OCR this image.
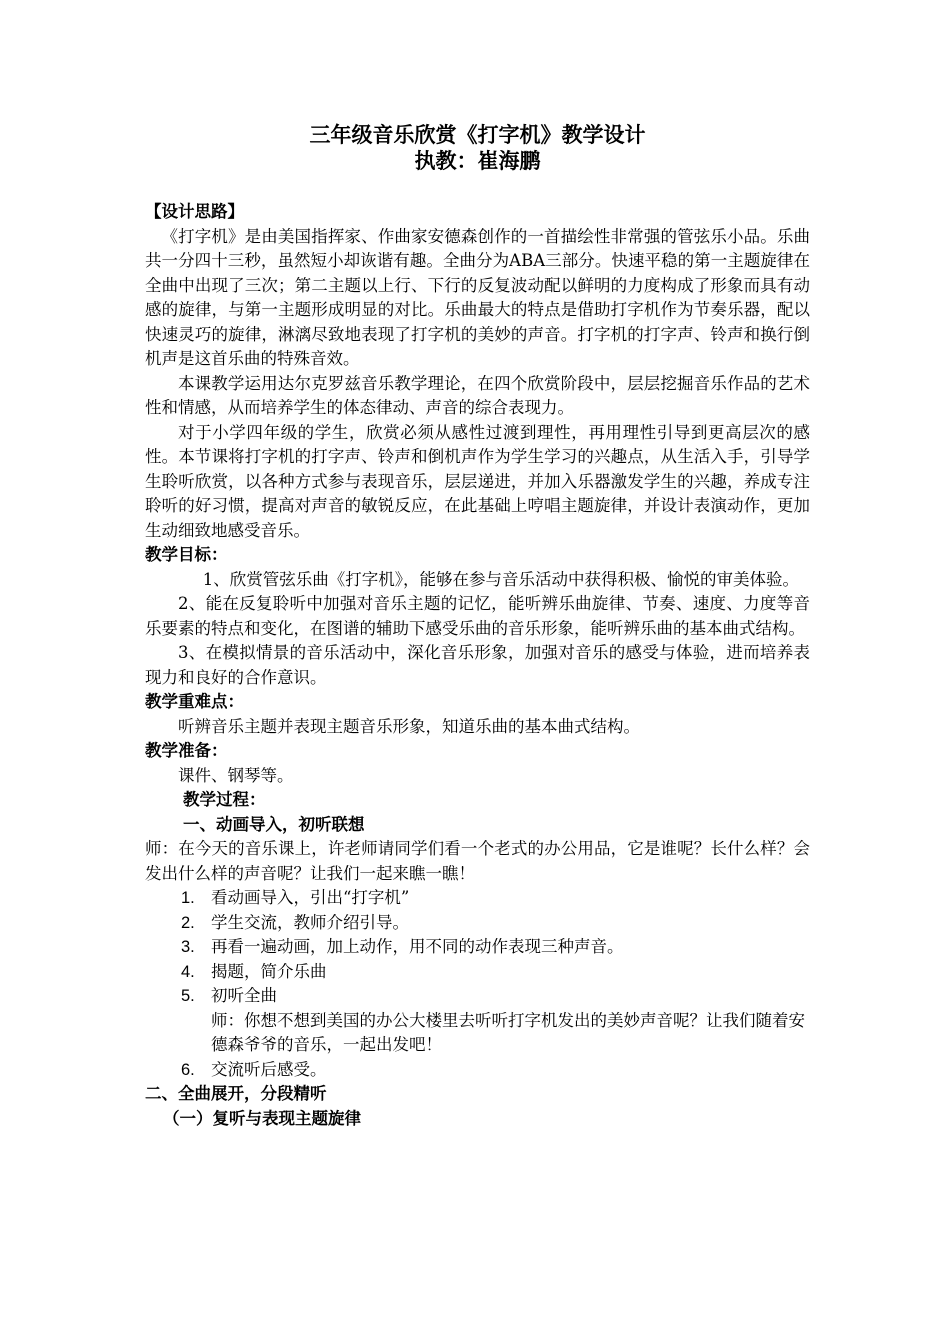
三年级音乐欣赏《打字机》教学设计

执教：崔海鹏

【设计思路】

《打字机》是由美国指挥家、作曲家安德森创作的一首描绘性非常强的管弦乐小品。乐曲共一分四十三秒，虽然短小却诙谐有趣。全曲分为ABA三部分。快速平稳的第一主题旋律在全曲中出现了三次；第二主题以上行、下行的反复波动配以鲜明的力度构成了形象而具有动感的旋律，与第一主题形成明显的对比。乐曲最大的特点是借助打字机作为节奏乐器，配以快速灵巧的旋律，淋漓尽致地表现了打字机的美妙的声音。打字机的打字声、铃声和换行倒机声是这首乐曲的特殊音效。

本课教学运用达尔克罗兹音乐教学理论，在四个欣赏阶段中，层层挖掘音乐作品的艺术性和情感，从而培养学生的体态律动、声音的综合表现力。

对于小学四年级的学生，欣赏必须从感性过渡到理性，再用理性引导到更高层次的感性。本节课将打字机的打字声、铃声和倒机声作为学生学习的兴趣点，从生活入手，引导学生聆听欣赏，以各种方式参与表现音乐，层层递进，并加入乐器激发学生的兴趣，养成专注聆听的好习惯，提高对声音的敏锐反应，在此基础上哼唱主题旋律，并设计表演动作，更加生动细致地感受音乐。

教学目标：

1、欣赏管弦乐曲《打字机》，能够在参与音乐活动中获得积极、愉悦的审美体验。

2、能在反复聆听中加强对音乐主题的记忆，能听辨乐曲旋律、节奏、速度、力度等音乐要素的特点和变化，在图谱的辅助下感受乐曲的音乐形象，能听辨乐曲的基本曲式结构。

3、在模拟情景的音乐活动中，深化音乐形象，加强对音乐的感受与体验，进而培养表现力和良好的合作意识。

教学重难点：

听辨音乐主题并表现主题音乐形象，知道乐曲的基本曲式结构。

教学准备：

课件、钢琴等。

教学过程：

一、动画导入，初听联想

师：在今天的音乐课上，许老师请同学们看一个老式的办公用品，它是谁呢？长什么样？会发出什么样的声音呢？让我们一起来瞧一瞧！

1. 看动画导入，引出“打字机”
2. 学生交流，教师介绍引导。
3. 再看一遍动画，加上动作，用不同的动作表现三种声音。
4. 揭题，简介乐曲
5. 初听全曲

师：你想不想到美国的办公大楼里去听听打字机发出的美妙声音呢？让我们随着安德森爷爷的音乐，一起出发吧！

6. 交流听后感受。

二、全曲展开，分段精听

（一）复听与表现主题旋律
